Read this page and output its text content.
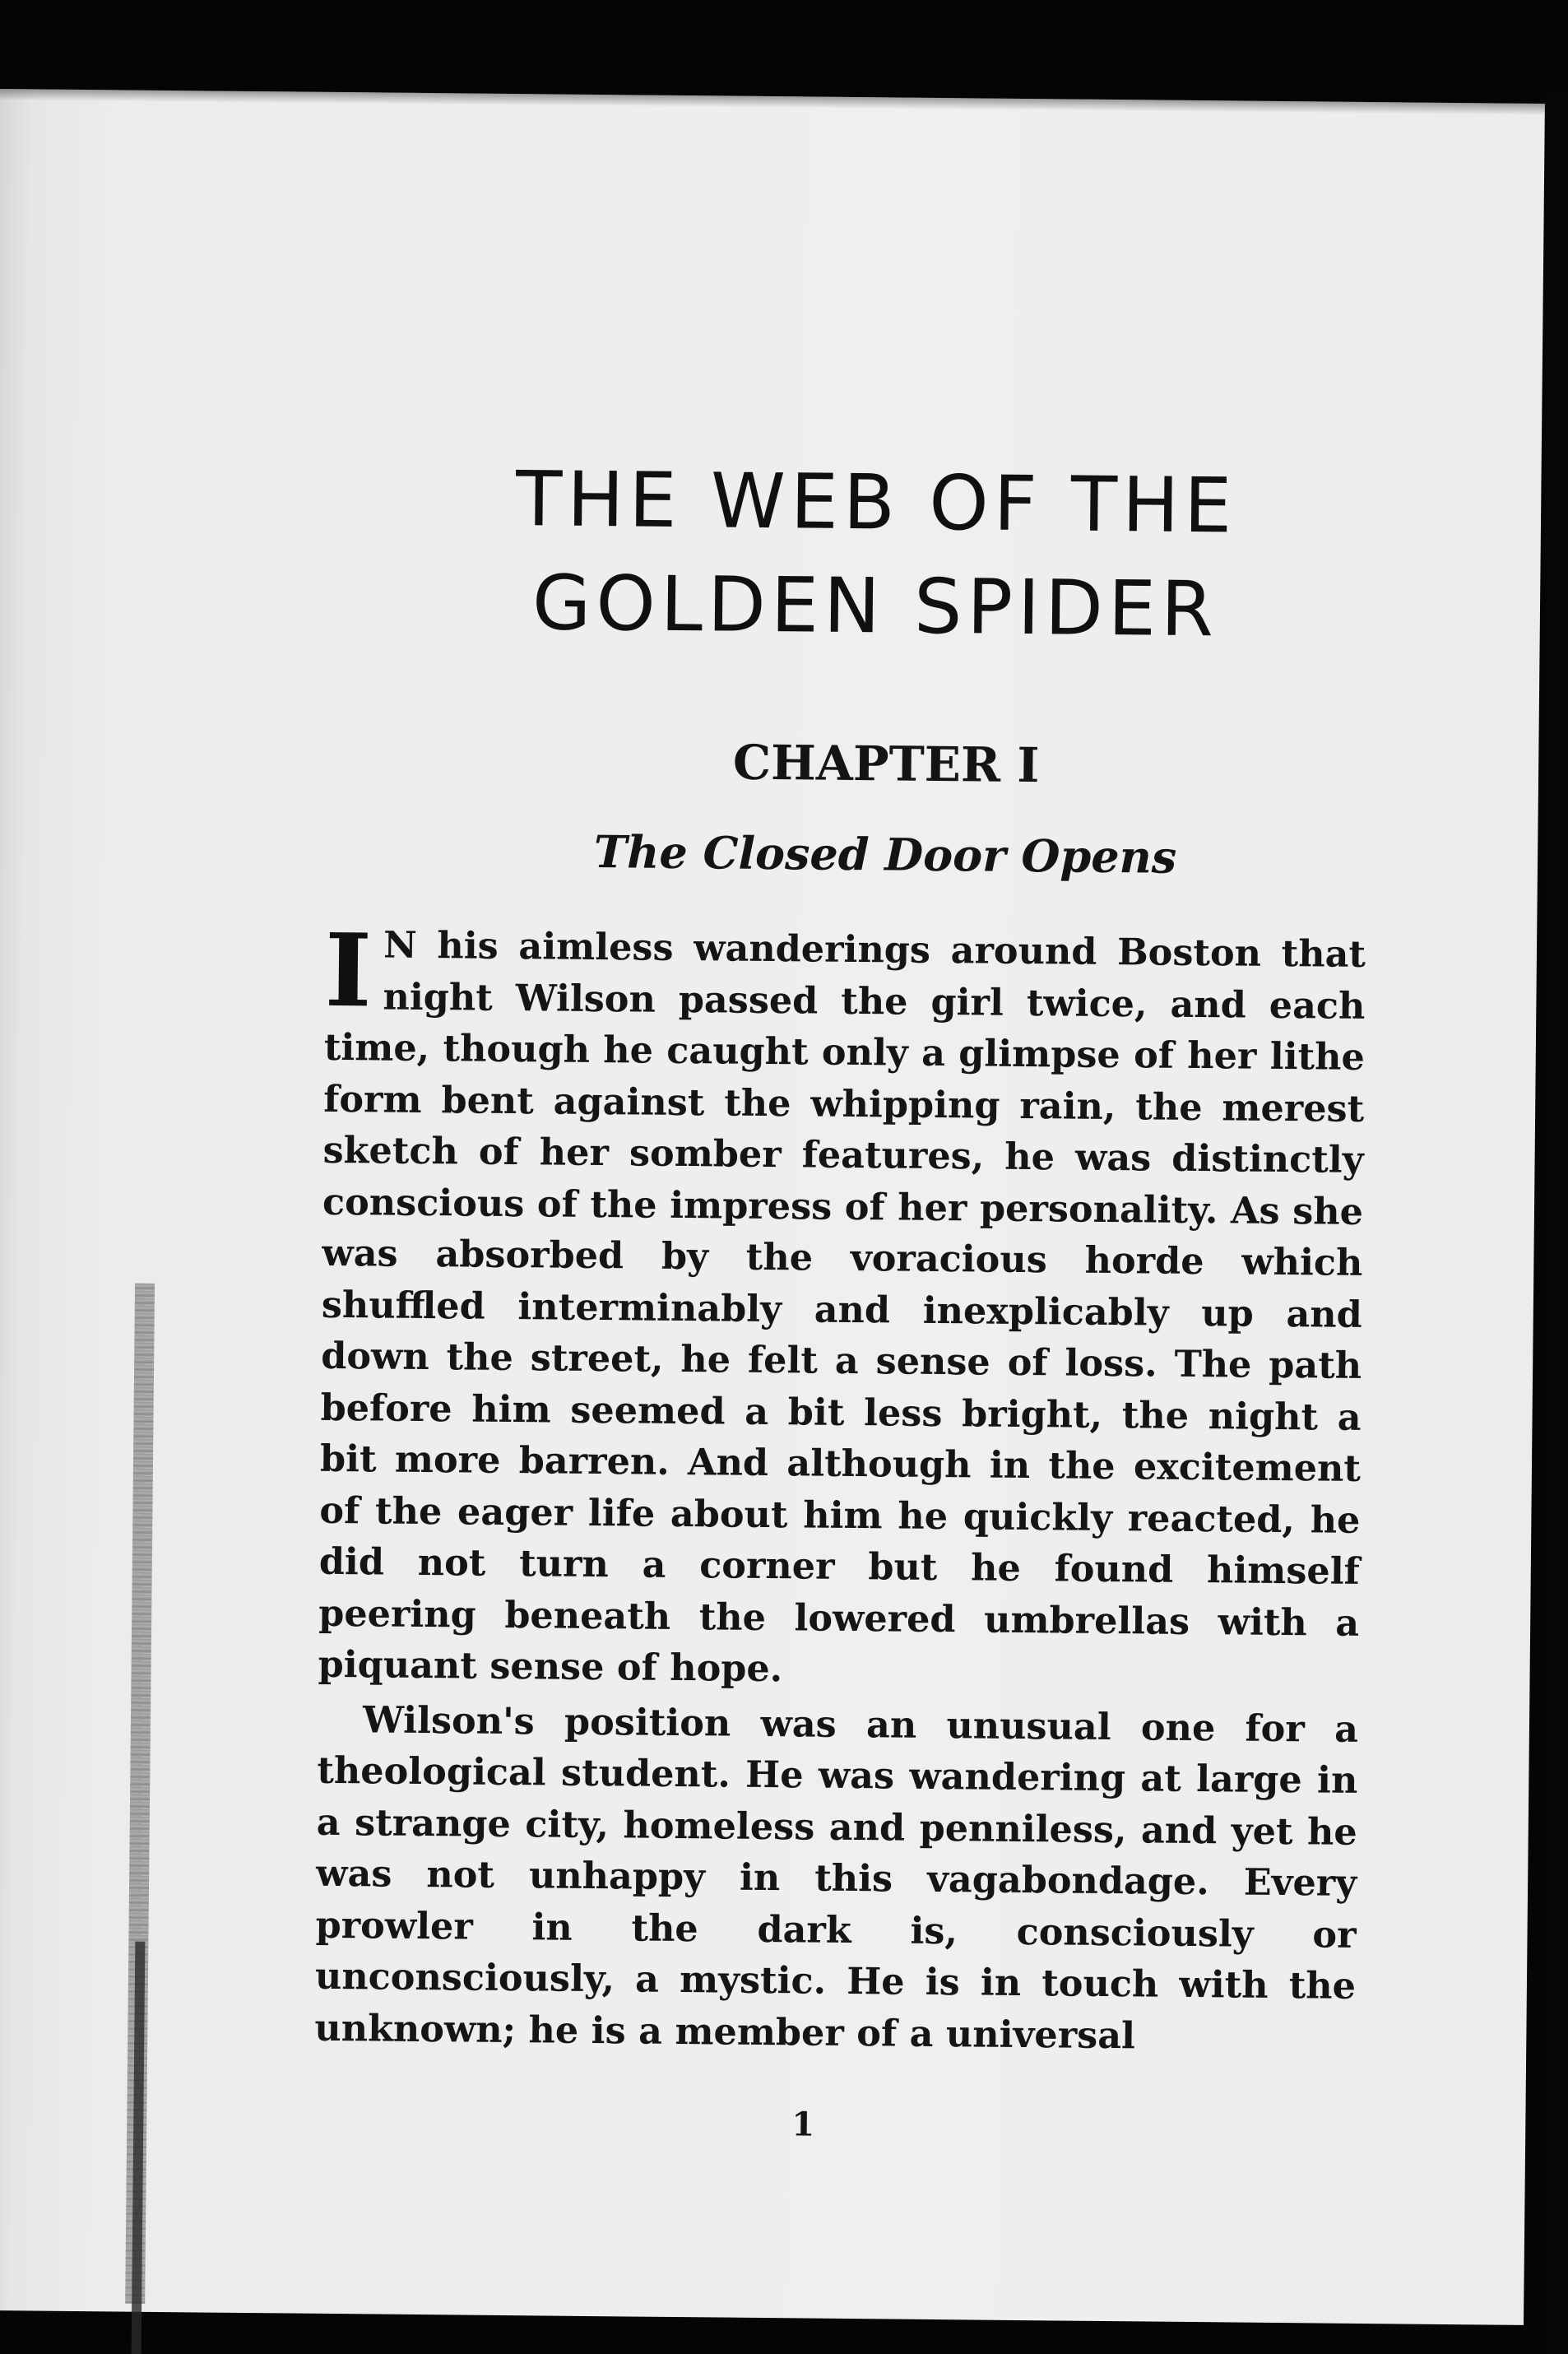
THE WEB OF THE
GOLDEN SPIDER
CHAPTER I
The Closed Door Opens

I N his aimless wanderings around Boston that night Wilson passed the girl twice, and each time, though he caught only a glimpse of her lithe form bent against the whipping rain, the merest sketch of her somber features, he was distinctly conscious of the impress of her personality. As she was absorbed by the voracious horde which shuffled interminably and inexplicably up and down the street, he felt a sense of loss. The path before him seemed a bit less bright, the night a bit more barren. And although in the excitement of the eager life about him he quickly reacted, he did not turn a corner but he found himself peering beneath the lowered umbrellas with a piquant sense of hope.

Wilson's position was an unusual one for a theological student. He was wandering at large in a strange city, homeless and penniless, and yet he was not unhappy in this vagabondage. Every prowler in the dark is, consciously or unconsciously, a mystic. He is in touch with the unknown; he is a member of a universal

1
